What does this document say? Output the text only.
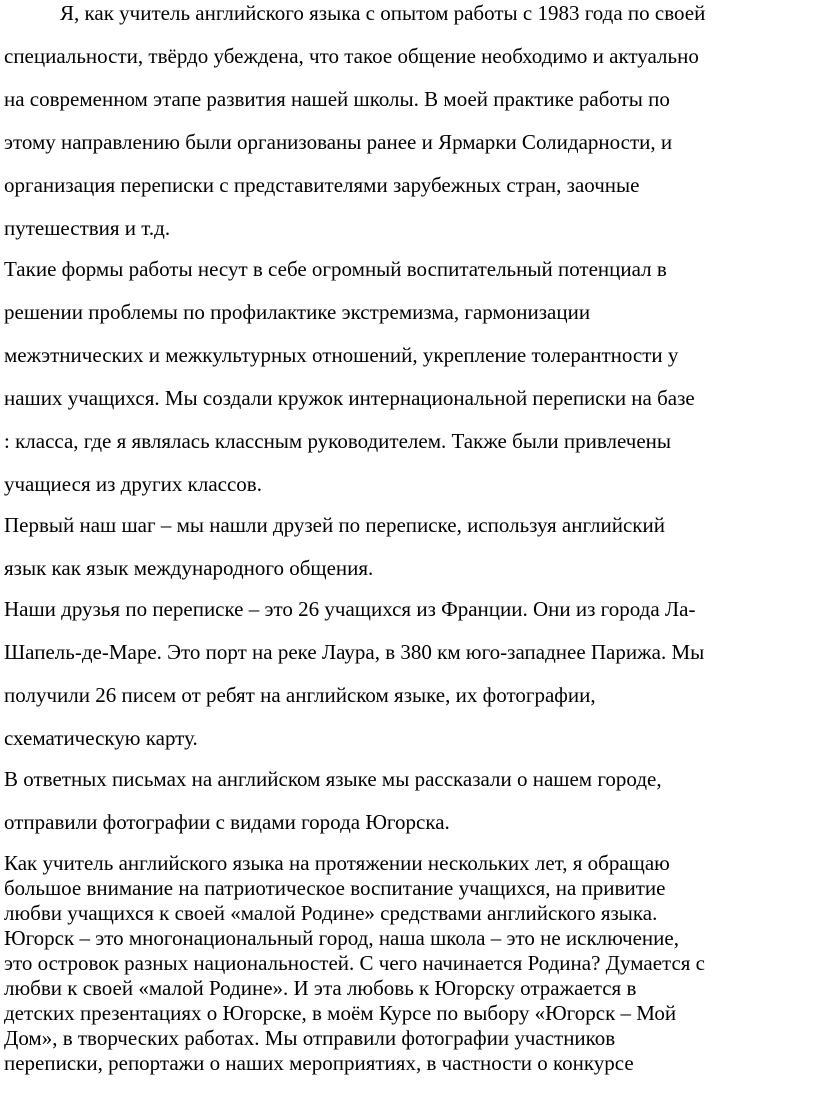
Я, как учитель английского языка с опытом работы с 1983 года по своей
специальности, твёрдо убеждена, что такое общение необходимо и актуально
на современном этапе развития нашей школы. В моей практике работы по
этому направлению были организованы ранее и Ярмарки Солидарности, и
организация переписки с представителями зарубежных стран, заочные
путешествия и т.д.
Такие формы работы несут в себе огромный воспитательный потенциал в
решении проблемы по профилактике экстремизма, гармонизации
межэтнических и межкультурных отношений, укрепление толерантности у
наших учащихся. Мы создали кружок интернациональной переписки на базе
: класса, где я являлась классным руководителем. Также были привлечены
учащиеся из других классов.
Первый наш шаг – мы нашли друзей по переписке, используя английский
язык как язык международного общения.
Наши друзья по переписке – это 26 учащихся из Франции. Они из города Ла-
Шапель-де-Маре. Это порт на реке Лаура, в 380 км юго-западнее Парижа. Мы
получили 26 писем от ребят на английском языке, их фотографии,
схематическую карту.
В ответных письмах на английском языке мы рассказали о нашем городе,
отправили фотографии с видами города Югорска.
Как учитель английского языка на протяжении нескольких лет, я обращаю
большое внимание на патриотическое воспитание учащихся, на привитие
любви учащихся к своей «малой Родине» средствами английского языка.
Югорск – это многонациональный город, наша школа – это не исключение,
это островок разных национальностей. С чего начинается Родина? Думается с
любви к своей «малой Родине». И эта любовь к Югорску отражается в
детских презентациях о Югорске, в моём Курсе по выбору «Югорск – Мой
Дом», в творческих работах. Мы отправили фотографии участников
переписки, репортажи о наших мероприятиях, в частности о конкурсе
